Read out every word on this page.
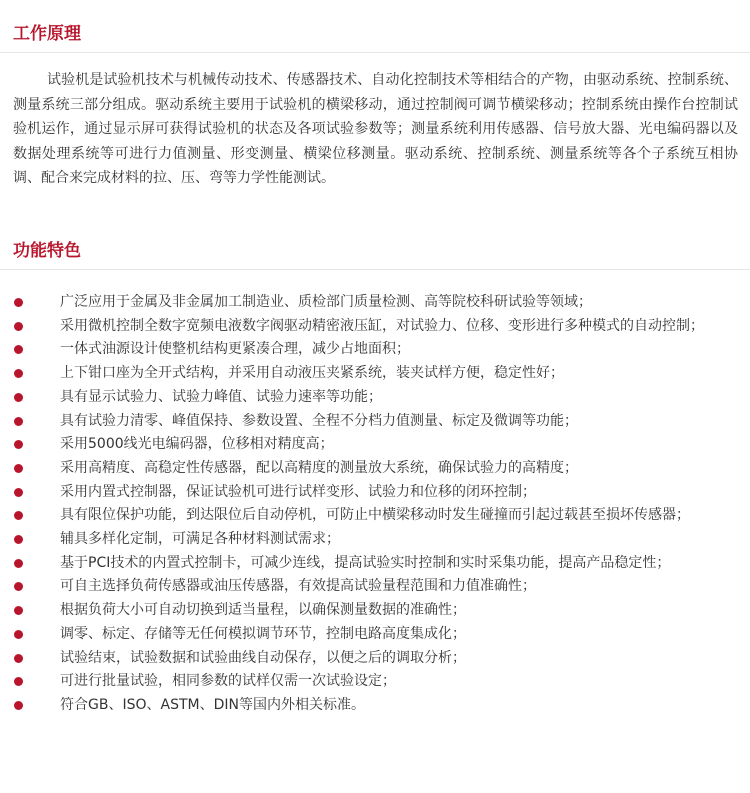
工作原理

试验机是试验机技术与机械传动技术、传感器技术、自动化控制技术等相结合的产物，由驱动系统、控制系统、测量系统三部分组成。驱动系统主要用于试验机的横梁移动，通过控制阀可调节横梁移动；控制系统由操作台控制试验机运作，通过显示屏可获得试验机的状态及各项试验参数等；测量系统利用传感器、信号放大器、光电编码器以及数据处理系统等可进行力值测量、形变测量、横梁位移测量。驱动系统、控制系统、测量系统等各个子系统互相协调、配合来完成材料的拉、压、弯等力学性能测试。

功能特色
广泛应用于金属及非金属加工制造业、质检部门质量检测、高等院校科研试验等领域；
采用微机控制全数字宽频电液数字阀驱动精密液压缸，对试验力、位移、变形进行多种模式的自动控制；
一体式油源设计使整机结构更紧凑合理，减少占地面积；
上下钳口座为全开式结构，并采用自动液压夹紧系统，装夹试样方便，稳定性好；
具有显示试验力、试验力峰值、试验力速率等功能；
具有试验力清零、峰值保持、参数设置、全程不分档力值测量、标定及微调等功能；
采用5000线光电编码器，位移相对精度高；
采用高精度、高稳定性传感器，配以高精度的测量放大系统，确保试验力的高精度；
采用内置式控制器，保证试验机可进行试样变形、试验力和位移的闭环控制；
具有限位保护功能，到达限位后自动停机，可防止中横梁移动时发生碰撞而引起过载甚至损坏传感器；
辅具多样化定制，可满足各种材料测试需求；
基于PCI技术的内置式控制卡，可减少连线，提高试验实时控制和实时采集功能，提高产品稳定性；
可自主选择负荷传感器或油压传感器，有效提高试验量程范围和力值准确性；
根据负荷大小可自动切换到适当量程，以确保测量数据的准确性；
调零、标定、存储等无任何模拟调节环节，控制电路高度集成化；
试验结束，试验数据和试验曲线自动保存，以便之后的调取分析；
可进行批量试验，相同参数的试样仅需一次试验设定；
符合GB、ISO、ASTM、DIN等国内外相关标准。
